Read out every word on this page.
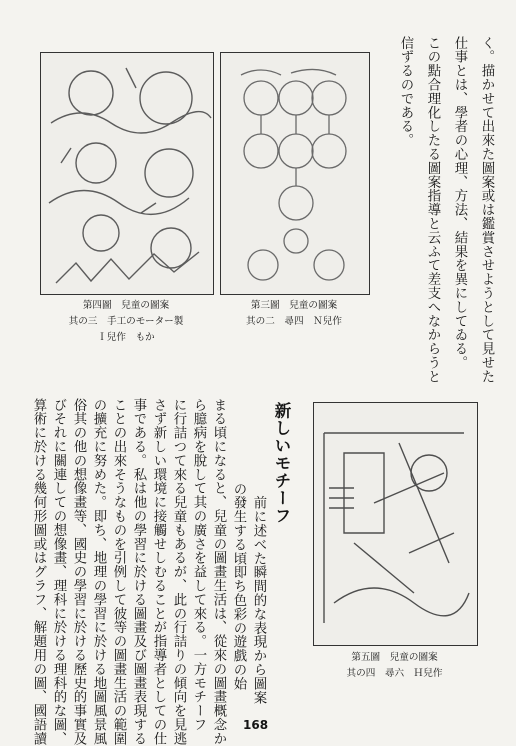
く。描かせて出來た圖案或は鑑賞させようとして見せた
仕事とは、學者の心理、方法、結果を異にしてゐる。
この點合理化したる圖案指導と云ふて差支へなからうと
信ずるのである。
第三圖　兒童の圖案
其の二　尋四　Ｎ兒作
第四圖　兒童の圖案
其の三　手工のモーター製
Ｉ兒作　もか
新しいモチーフ
　前に述べた瞬間的な表現から圖案
の發生する頃即ち色彩の遊戲の始
まる頃になると、兒童の圖畫生活は、從來の圖畫概念か
ら臆病を脫して其の廣さを益して來る。一方モチーフ
に行詰つて來る兒童もあるが、此の行詰りの傾向を見逃
さず新しい環境に接觸せしむることが指導者としての仕
事である。私は他の學習に於ける圖畫及び圖畫表現する
ことの出來そうなものを引例して彼等の圖畫生活の範圍
の擴充に努めた。即ち、地理の學習に於ける地圖風景風
俗其の他の想像畫等、國史の學習に於ける歷史的事實及
びそれに關連しての想像畫、理科に於ける理科的な圖、
算術に於ける幾何形圖或はグラフ、解題用の圖、國語讀	第五圖　兒童の圖案
其の四　尋六　Ｈ兒作
168
